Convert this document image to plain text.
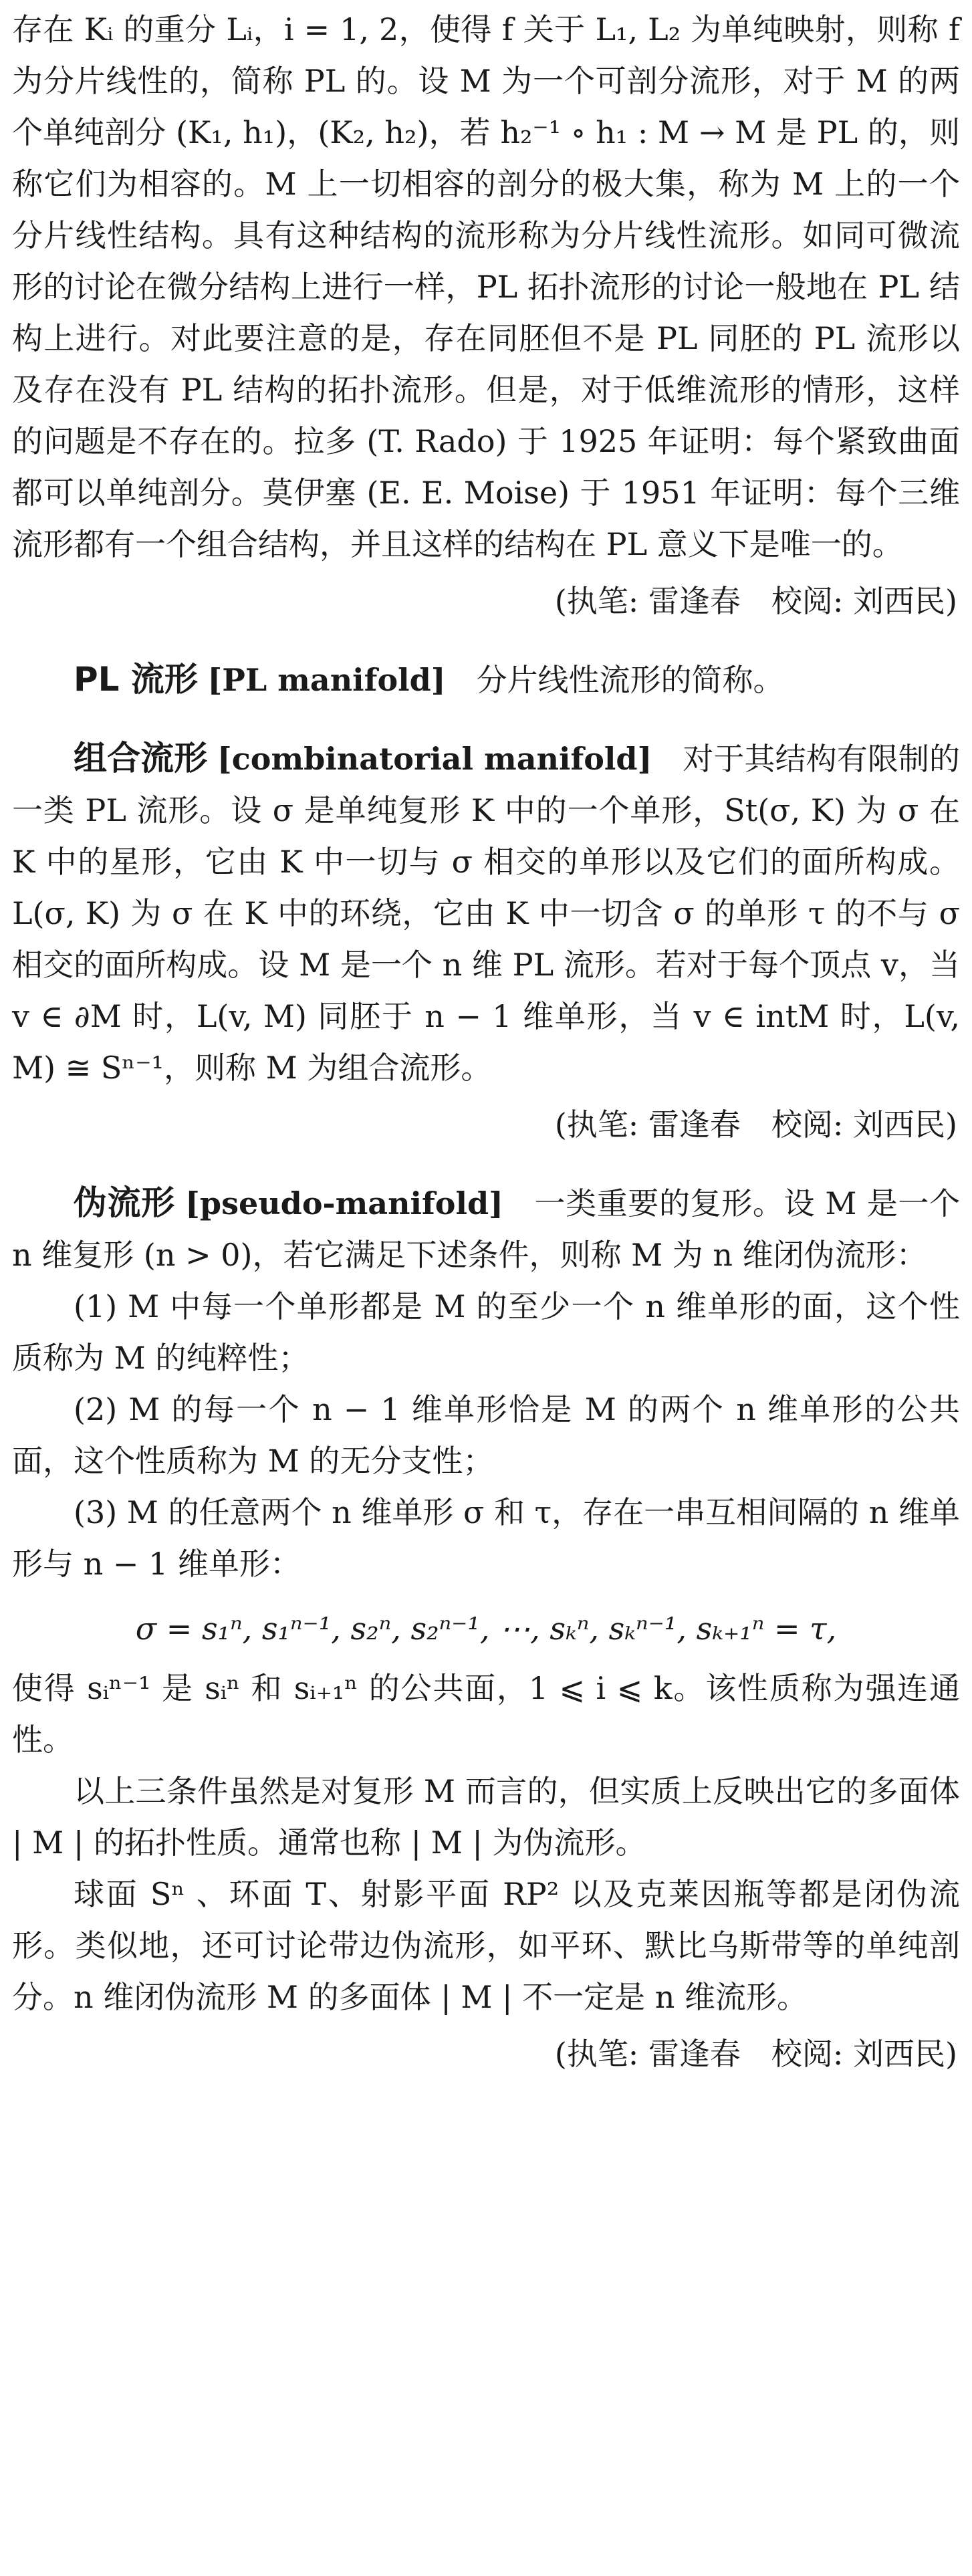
存在 Kᵢ 的重分 Lᵢ，i = 1, 2，使得 f 关于 L₁, L₂ 为单纯映射，则称 f 为分片线性的，简称 PL 的。设 M 为一个可剖分流形，对于 M 的两个单纯剖分 (K₁, h₁)，(K₂, h₂)，若 h₂⁻¹ ∘ h₁ : M → M 是 PL 的，则称它们为相容的。M 上一切相容的剖分的极大集，称为 M 上的一个分片线性结构。具有这种结构的流形称为分片线性流形。如同可微流形的讨论在微分结构上进行一样，PL 拓扑流形的讨论一般地在 PL 结构上进行。对此要注意的是，存在同胚但不是 PL 同胚的 PL 流形以及存在没有 PL 结构的拓扑流形。但是，对于低维流形的情形，这样的问题是不存在的。拉多 (T. Rado) 于 1925 年证明：每个紧致曲面都可以单纯剖分。莫伊塞 (E. E. Moise) 于 1951 年证明：每个三维流形都有一个组合结构，并且这样的结构在 PL 意义下是唯一的。

(执笔: 雷逢春　校阅: 刘西民)

PL 流形 [PL manifold] 分片线性流形的简称。

组合流形 [combinatorial manifold] 对于其结构有限制的一类 PL 流形。设 σ 是单纯复形 K 中的一个单形，St(σ, K) 为 σ 在 K 中的星形，它由 K 中一切与 σ 相交的单形以及它们的面所构成。L(σ, K) 为 σ 在 K 中的环绕，它由 K 中一切含 σ 的单形 τ 的不与 σ 相交的面所构成。设 M 是一个 n 维 PL 流形。若对于每个顶点 v，当 v ∈ ∂M 时，L(v, M) 同胚于 n − 1 维单形，当 v ∈ intM 时，L(v, M) ≅ Sⁿ⁻¹，则称 M 为组合流形。

(执笔: 雷逢春　校阅: 刘西民)

伪流形 [pseudo-manifold] 一类重要的复形。设 M 是一个 n 维复形 (n > 0)，若它满足下述条件，则称 M 为 n 维闭伪流形：

(1) M 中每一个单形都是 M 的至少一个 n 维单形的面，这个性质称为 M 的纯粹性；

(2) M 的每一个 n − 1 维单形恰是 M 的两个 n 维单形的公共面，这个性质称为 M 的无分支性；

(3) M 的任意两个 n 维单形 σ 和 τ，存在一串互相间隔的 n 维单形与 n − 1 维单形：

σ = s₁ⁿ, s₁ⁿ⁻¹, s₂ⁿ, s₂ⁿ⁻¹, ⋯, sₖⁿ, sₖⁿ⁻¹, sₖ₊₁ⁿ = τ,

使得 sᵢⁿ⁻¹ 是 sᵢⁿ 和 sᵢ₊₁ⁿ 的公共面，1 ⩽ i ⩽ k。该性质称为强连通性。

以上三条件虽然是对复形 M 而言的，但实质上反映出它的多面体 | M | 的拓扑性质。通常也称 | M | 为伪流形。

球面 Sⁿ 、环面 T、射影平面 RP² 以及克莱因瓶等都是闭伪流形。类似地，还可讨论带边伪流形，如平环、默比乌斯带等的单纯剖分。n 维闭伪流形 M 的多面体 | M | 不一定是 n 维流形。

(执笔: 雷逢春　校阅: 刘西民)
